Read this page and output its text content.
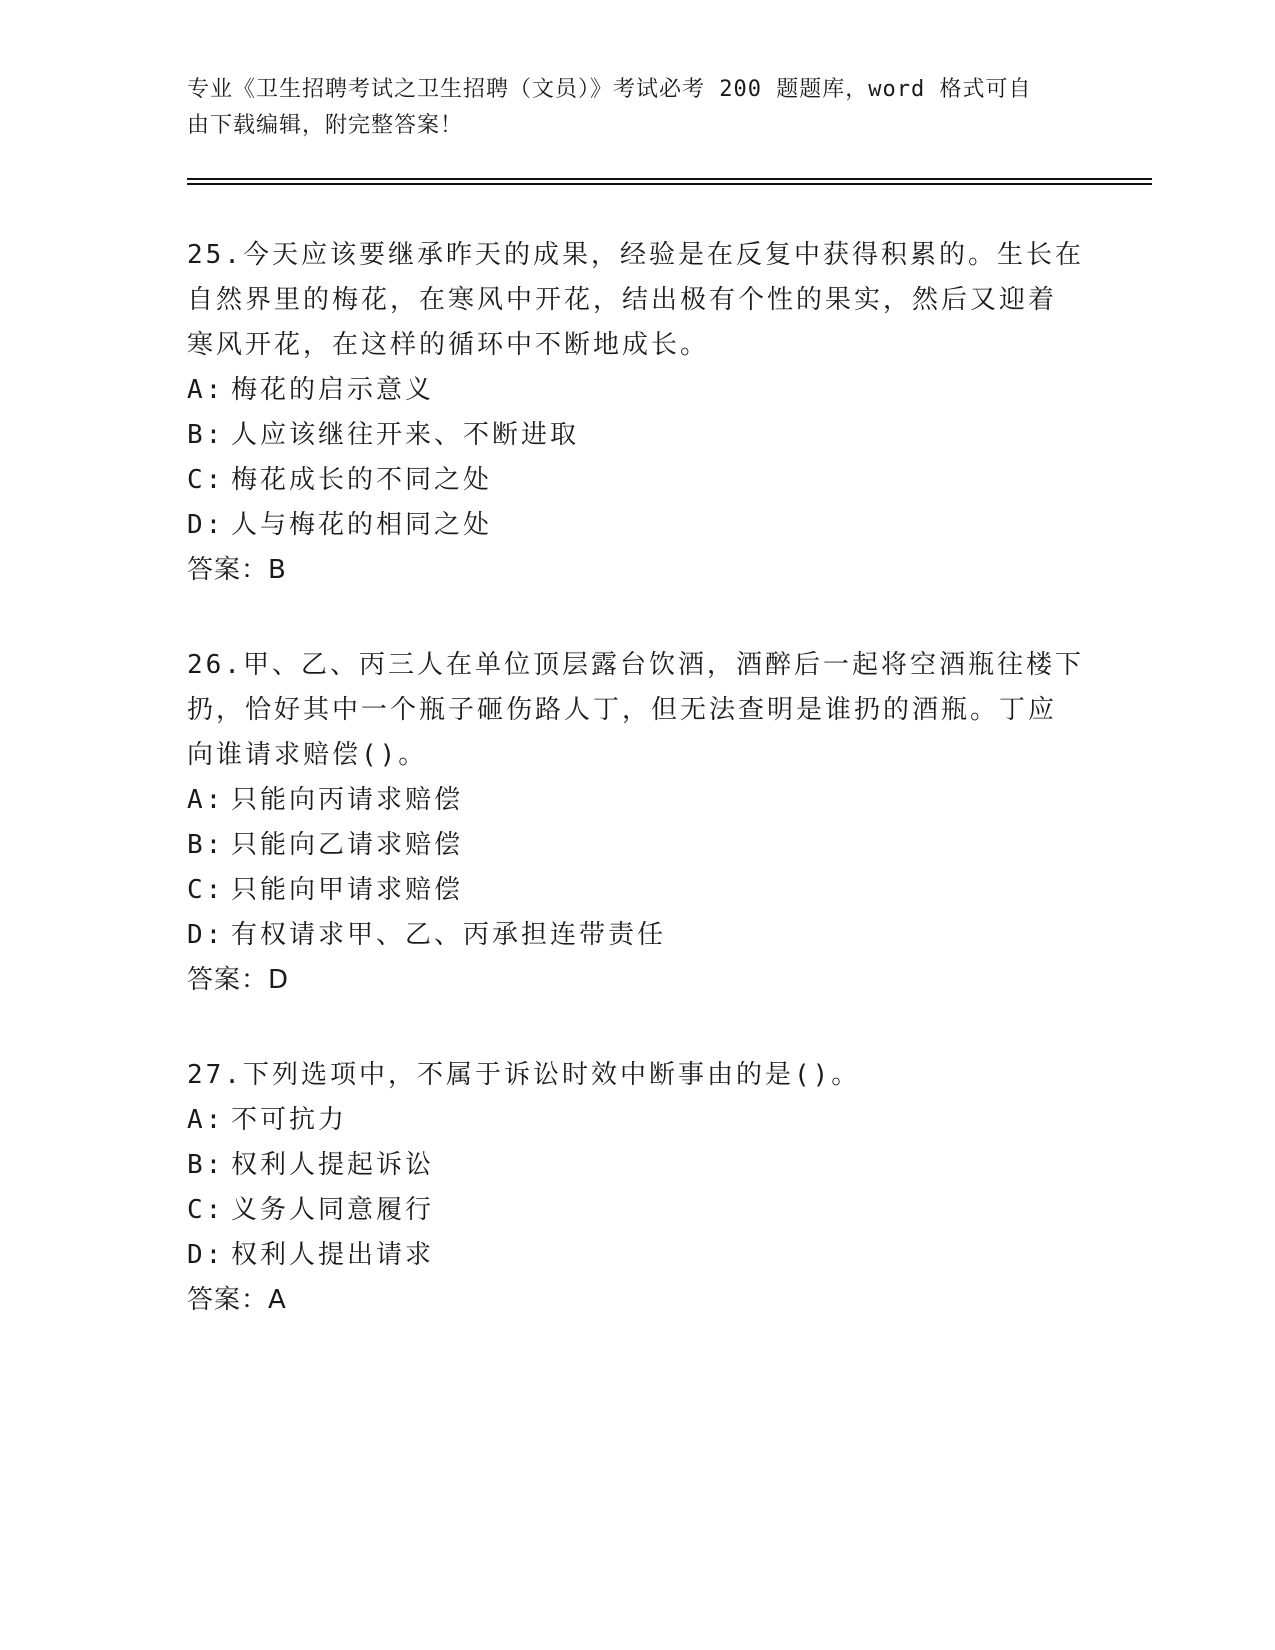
专业《卫生招聘考试之卫生招聘（文员）》考试必考 200 题题库，word 格式可自
由下载编辑，附完整答案！

25.今天应该要继承昨天的成果，经验是在反复中获得积累的。生长在

自然界里的梅花，在寒风中开花，结出极有个性的果实，然后又迎着

寒风开花，在这样的循环中不断地成长。

A: 梅花的启示意义

B: 人应该继往开来、不断进取

C: 梅花成长的不同之处

D: 人与梅花的相同之处

答案：B

26.甲、乙、丙三人在单位顶层露台饮酒，酒醉后一起将空酒瓶往楼下

扔，恰好其中一个瓶子砸伤路人丁，但无法查明是谁扔的酒瓶。丁应

向谁请求赔偿()。

A: 只能向丙请求赔偿

B: 只能向乙请求赔偿

C: 只能向甲请求赔偿

D: 有权请求甲、乙、丙承担连带责任

答案：D

27.下列选项中，不属于诉讼时效中断事由的是()。

A: 不可抗力

B: 权利人提起诉讼

C: 义务人同意履行

D: 权利人提出请求

答案：A
